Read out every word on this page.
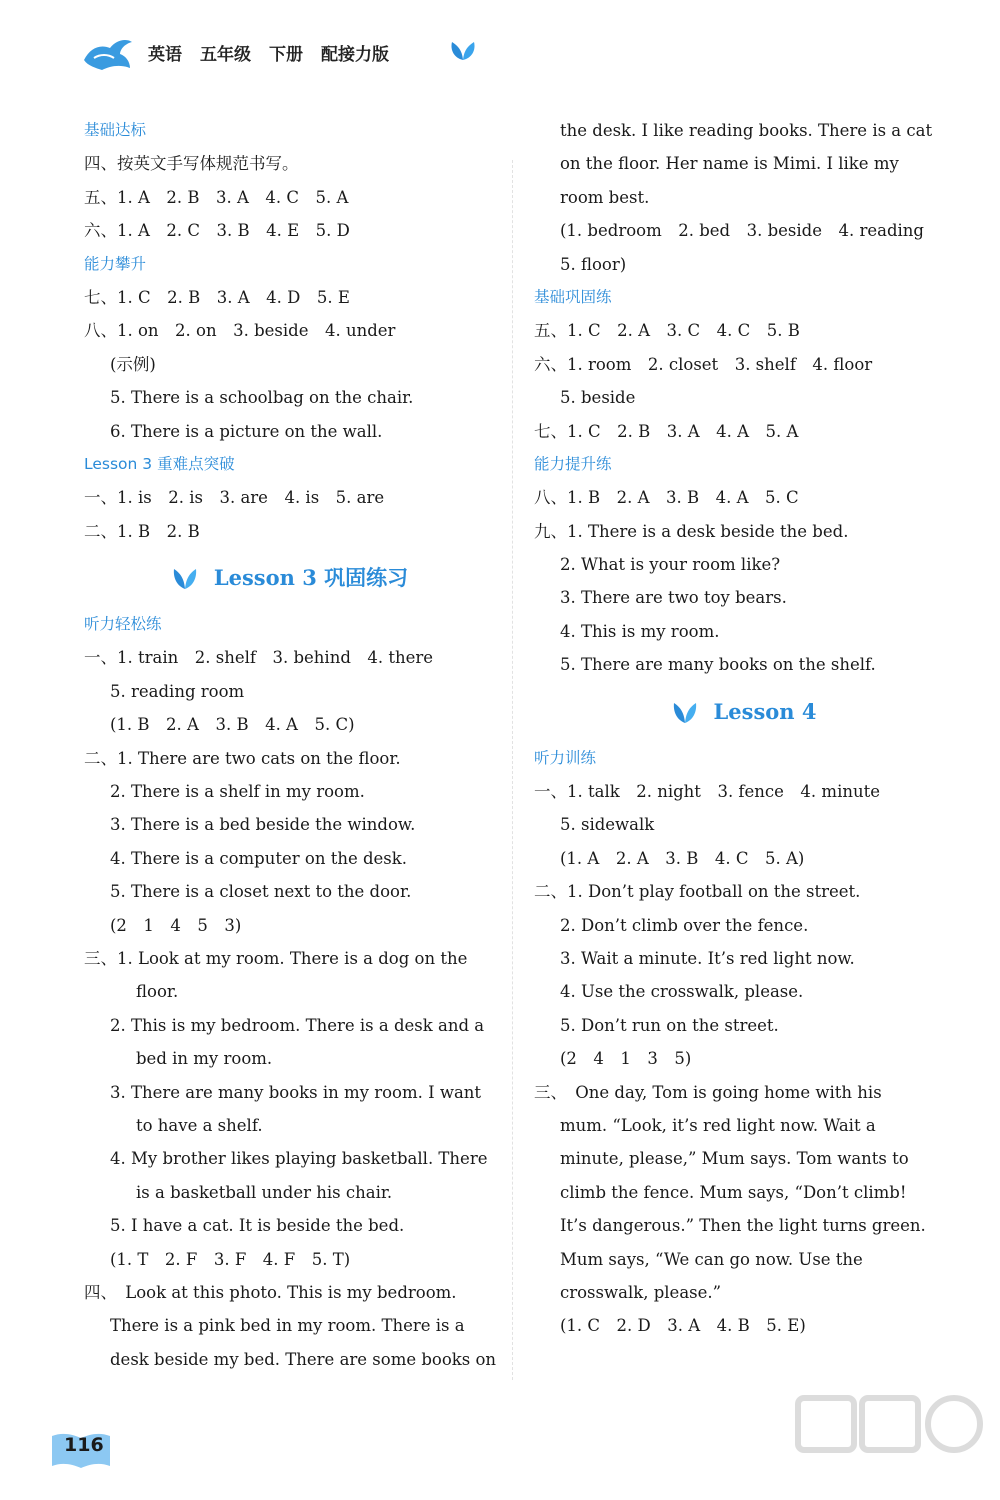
英语 五年级 下册 配接力版
基础达标
四、按英文手写体规范书写。
五、1. A　2. B　3. A　4. C　5. A
六、1. A　2. C　3. B　4. E　5. D
能力攀升
七、1. C　2. B　3. A　4. D　5. E
八、1. on　2. on　3. beside　4. under
(示例)
5. There is a schoolbag on the chair.
6. There is a picture on the wall.
Lesson 3 重难点突破
一、1. is　2. is　3. are　4. is　5. are
二、1. B　2. B
Lesson 3 巩固练习
听力轻松练
一、1. train　2. shelf　3. behind　4. there
5. reading room
(1. B　2. A　3. B　4. A　5. C)
二、1. There are two cats on the floor.
2. There is a shelf in my room.
3. There is a bed beside the window.
4. There is a computer on the desk.
5. There is a closet next to the door.
(2　1　4　5　3)
三、1. Look at my room. There is a dog on the
floor.
2. This is my bedroom. There is a desk and a
bed in my room.
3. There are many books in my room. I want
to have a shelf.
4. My brother likes playing basketball. There
is a basketball under his chair.
5. I have a cat. It is beside the bed.
(1. T　2. F　3. F　4. F　5. T)
四、　Look at this photo. This is my bedroom.
There is a pink bed in my room. There is a
desk beside my bed. There are some books on
the desk. I like reading books. There is a cat
on the floor. Her name is Mimi. I like my
room best.
(1. bedroom　2. bed　3. beside　4. reading
5. floor)
基础巩固练
五、1. C　2. A　3. C　4. C　5. B
六、1. room　2. closet　3. shelf　4. floor
5. beside
七、1. C　2. B　3. A　4. A　5. A
能力提升练
八、1. B　2. A　3. B　4. A　5. C
九、1. There is a desk beside the bed.
2. What is your room like?
3. There are two toy bears.
4. This is my room.
5. There are many books on the shelf.
Lesson 4
听力训练
一、1. talk　2. night　3. fence　4. minute
5. sidewalk
(1. A　2. A　3. B　4. C　5. A)
二、1. Don’t play football on the street.
2. Don’t climb over the fence.
3. Wait a minute. It’s red light now.
4. Use the crosswalk, please.
5. Don’t run on the street.
(2　4　1　3　5)
三、　One day, Tom is going home with his
mum. “Look, it’s red light now. Wait a
minute, please,” Mum says. Tom wants to
climb the fence. Mum says, “Don’t climb!
It’s dangerous.” Then the light turns green.
Mum says, “We can go now. Use the
crosswalk, please.”
(1. C　2. D　3. A　4. B　5. E)
116
